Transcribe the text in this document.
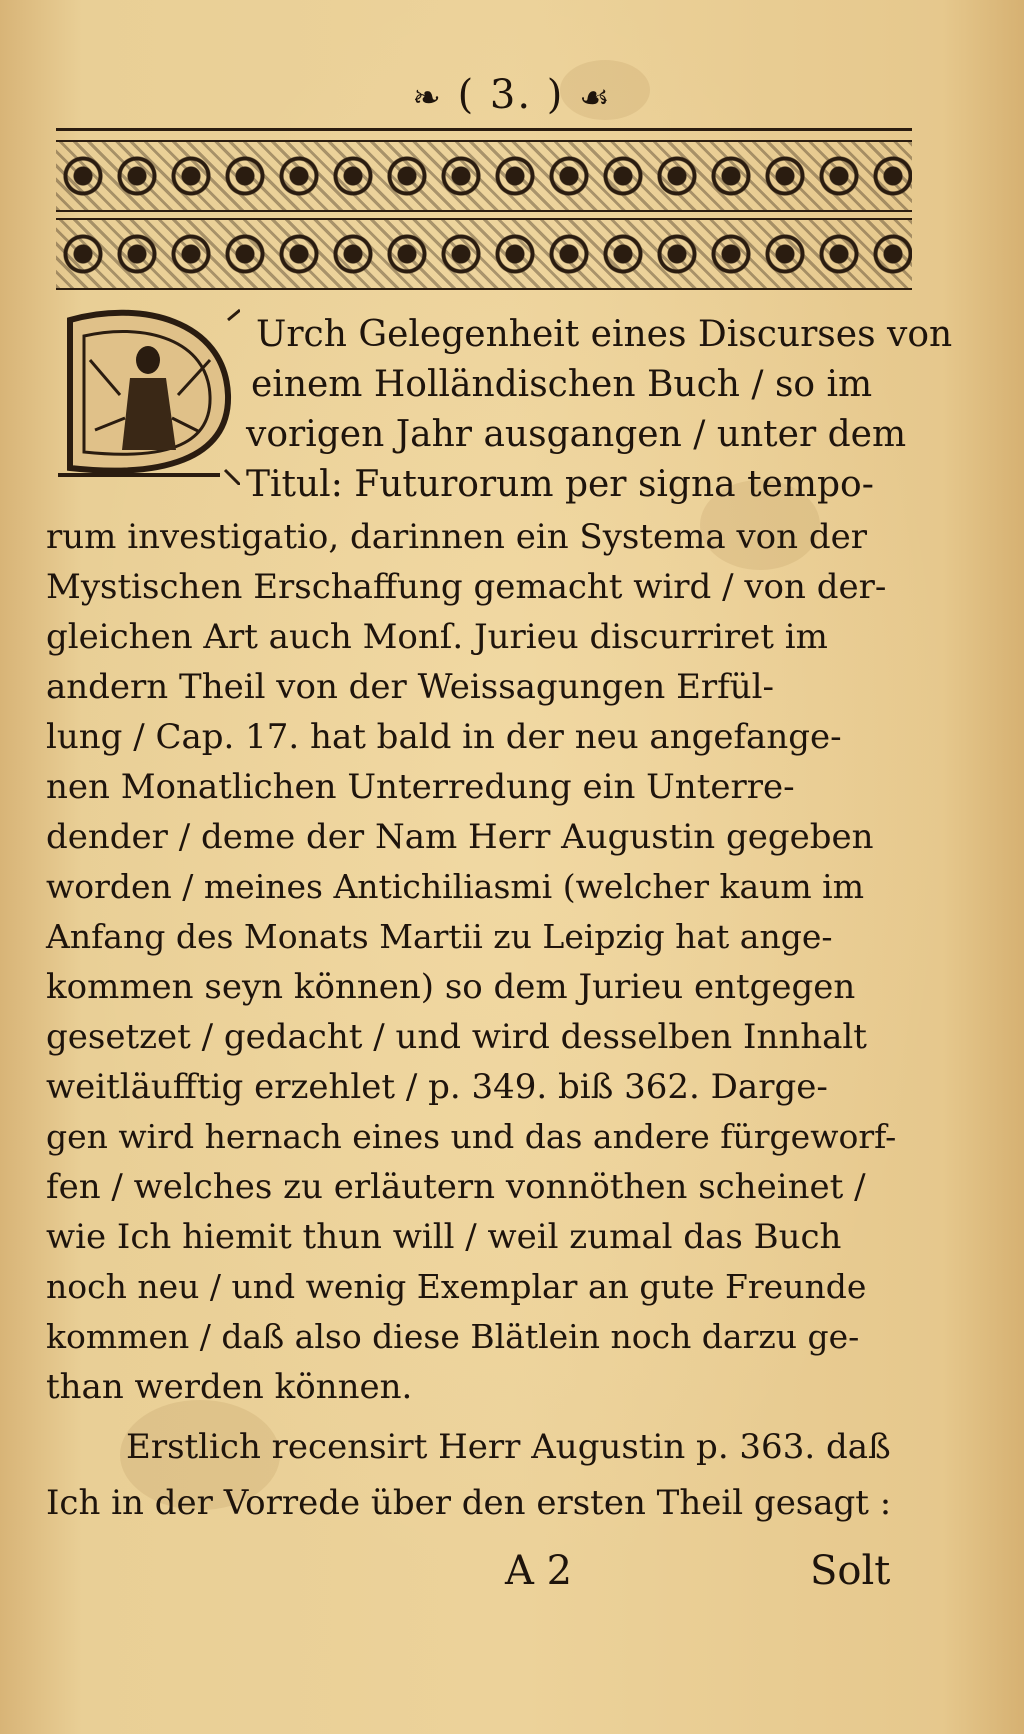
❧ ( 3. ) ☙
Urch Gelegenheit eines Discurses von
einem Holländischen Buch / so im
vorigen Jahr ausgangen / unter dem
Titul: Futurorum per signa tempo-
rum investigatio, darinnen ein Systema von der
Mystischen Erschaffung gemacht wird / von der-
gleichen Art auch Monſ. Jurieu discurriret im
andern Theil von der Weissagungen Erfül-
lung / Cap. 17. hat bald in der neu angefange-
nen Monatlichen Unterredung ein Unterre-
dender / deme der Nam Herr Augustin gegeben
worden / meines Antichiliasmi (welcher kaum im
Anfang des Monats Martii zu Leipzig hat ange-
kommen seyn können) so dem Jurieu entgegen
gesetzet / gedacht / und wird desselben Innhalt
weitläufftig erzehlet / p. 349. biß 362. Darge-
gen wird hernach eines und das andere fürgeworf-
fen / welches zu erläutern vonnöthen scheinet /
wie Ich hiemit thun will / weil zumal das Buch
noch neu / und wenig Exemplar an gute Freunde
kommen / daß also diese Blätlein noch darzu ge-
than werden können.
Erstlich recensirt Herr Augustin p. 363. daß
Ich in der Vorrede über den ersten Theil gesagt :
A 2	Solt
